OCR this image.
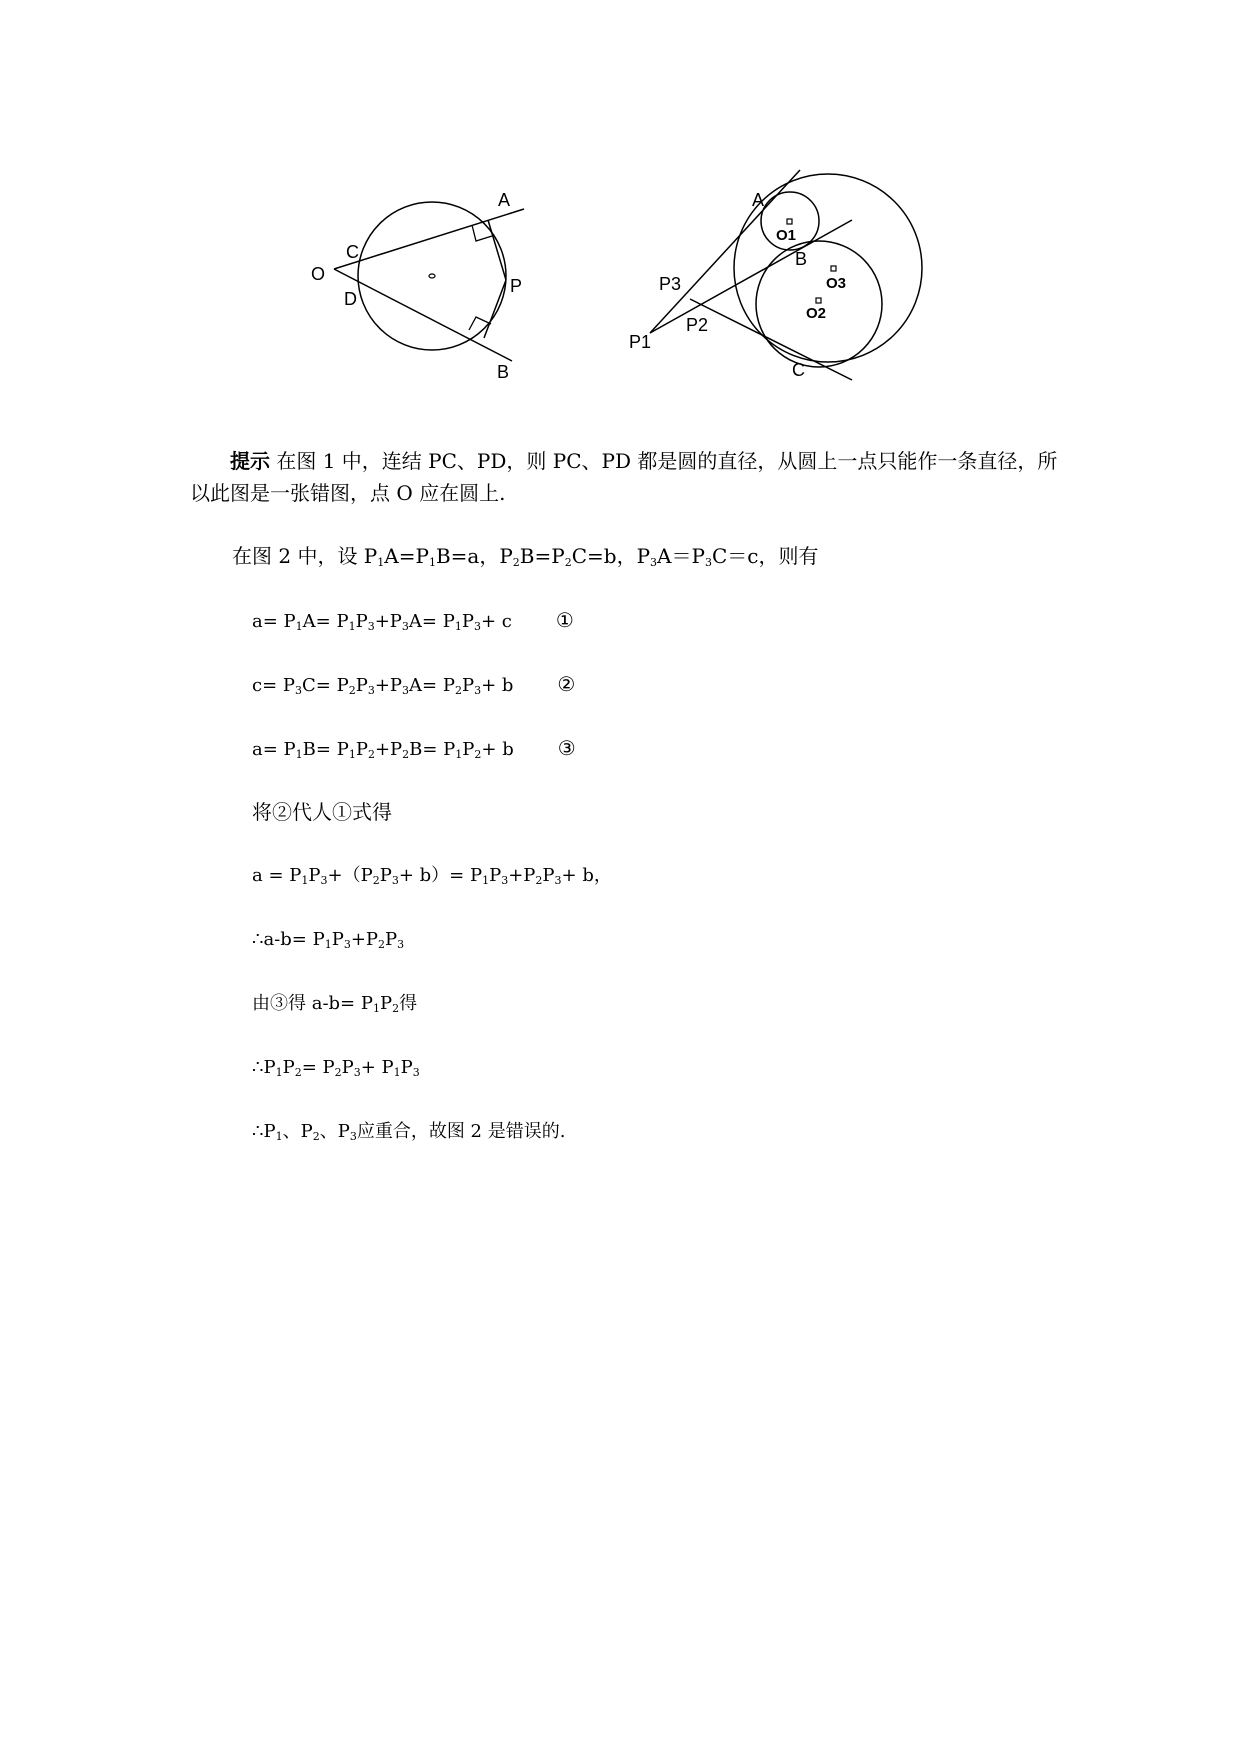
A
C
O
D
P
B
A
O1
B
O3
O2
P3
P2
P1
C
提示 在图 1 中，连结 PC、PD，则 PC、PD 都是圆的直径，从圆上一点只能作一条直径，所以此图是一张错图，点 O 应在圆上.
在图 2 中，设 $P_1A=P_1B=a$，$P_2B=P_2C=b$，$P_3A=P_3C=c$，则有
$a= P_1A= P_1P_3+P_3A= P_1P_3+ c$ ①
$c= P_3C= P_2P_3+P_3A= P_2P_3+ b$ ②
$a= P_1B= P_1P_2+P_2B= P_1P_2+ b$ ③
将②代人①式得
$a = P_1P_3+(P_2P_3+ b)= P_1P_3+P_2P_3+ b$，
∴a-b= $P_1P_3+P_2P_3$
由③得 $a-b= P_1P_2$得
$\therefore P_1P_2= P_2P_3+ P_1P_3$
$\therefore P_1$、$P_2$、$P_3$应重合，故图 2 是错误的.
